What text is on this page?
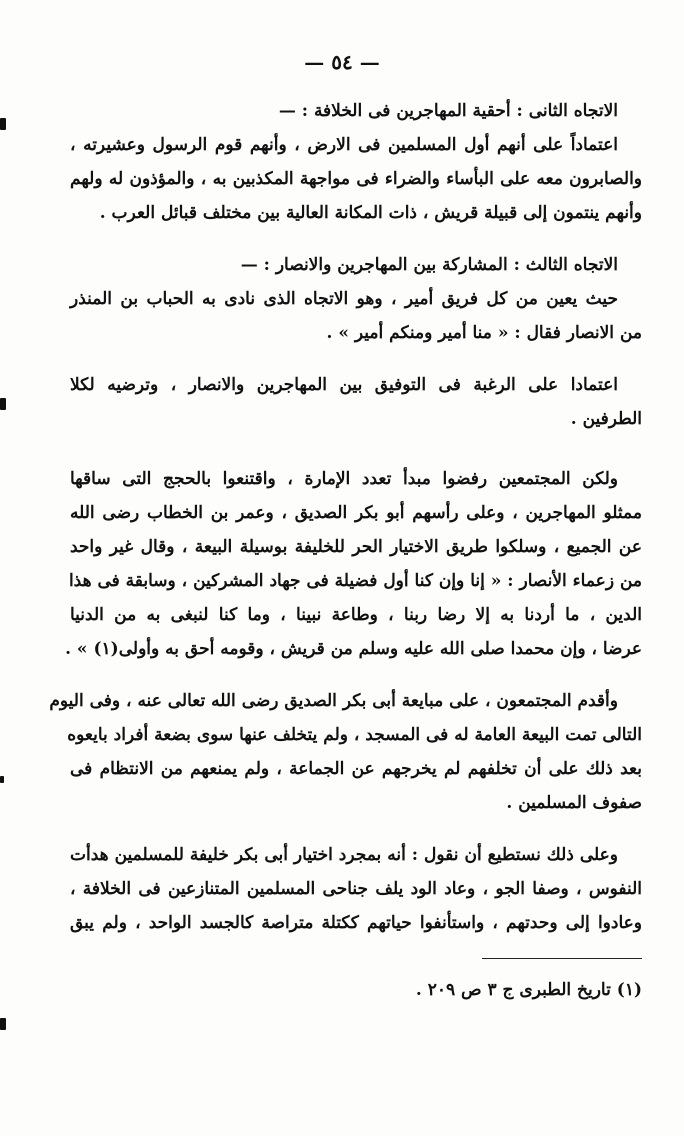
— ٥٤ —
الاتجاه الثانى : أحقية المهاجرين فى الخلافة : —
اعتماداً على أنهم أول المسلمين فى الارض ، وأنهم قوم الرسول وعشيرته ،
والصابرون معه على البأساء والضراء فى مواجهة المكذبين به ، والمؤذون له ولهم
وأنهم ينتمون إلى قبيلة قريش ، ذات المكانة العالية بين مختلف قبائل العرب .
الاتجاه الثالث : المشاركة بين المهاجرين والانصار : —
حيث يعين من كل فريق أمير ، وهو الاتجاه الذى نادى به الحباب بن المنذر
من الانصار فقال : « منا أمير ومنكم أمير » .
اعتمادا على الرغبة فى التوفيق بين المهاجرين والانصار ، وترضيه لكلا
الطرفين .
ولكن المجتمعين رفضوا مبدأ تعدد الإمارة ، واقتنعوا بالحجج التى ساقها
ممثلو المهاجرين ، وعلى رأسهم أبو بكر الصديق ، وعمر بن الخطاب رضى الله
عن الجميع ، وسلكوا طريق الاختيار الحر للخليفة بوسيلة البيعة ، وقال غير واحد
من زعماء الأنصار : « إنا وإن كنا أول فضيلة فى جهاد المشركين ، وسابقة فى هذا
الدين ، ما أردنا به إلا رضا ربنا ، وطاعة نبينا ، وما كنا لنبغى به من الدنيا
عرضا ، وإن محمدا صلى الله عليه وسلم من قريش ، وقومه أحق به وأولى(١) » .
وأقدم المجتمعون ، على مبايعة أبى بكر الصديق رضى الله تعالى عنه ، وفى اليوم
التالى تمت البيعة العامة له فى المسجد ، ولم يتخلف عنها سوى بضعة أفراد بايعوه
بعد ذلك على أن تخلفهم لم يخرجهم عن الجماعة ، ولم يمنعهم من الانتظام فى
صفوف المسلمين .
وعلى ذلك نستطيع أن نقول : أنه بمجرد اختيار أبى بكر خليفة للمسلمين هدأت
النفوس ، وصفا الجو ، وعاد الود يلف جناحى المسلمين المتنازعين فى الخلافة ،
وعادوا إلى وحدتهم ، واستأنفوا حياتهم ككتلة متراصة كالجسد الواحد ، ولم يبق
(١) تاريخ الطبرى ج ٣ ص ٢٠٩ .
